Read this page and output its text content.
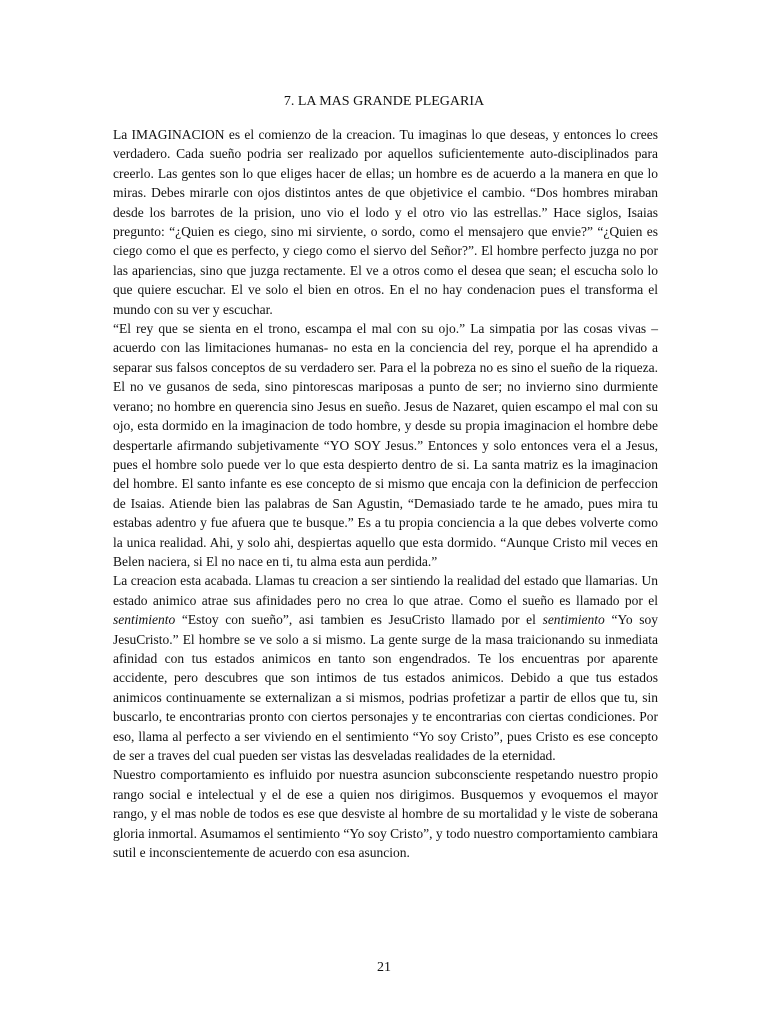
7. LA MAS GRANDE PLEGARIA

La IMAGINACION es el comienzo de la creacion. Tu imaginas lo que deseas, y entonces lo crees verdadero. Cada sueño podria ser realizado por aquellos suficientemente auto-disciplinados para creerlo. Las gentes son lo que eliges hacer de ellas; un hombre es de acuerdo a la manera en que lo miras. Debes mirarle con ojos distintos antes de que objetivice el cambio. “Dos hombres miraban desde los barrotes de la prision, uno vio el lodo y el otro vio las estrellas.” Hace siglos, Isaias pregunto: “¿Quien es ciego, sino mi sirviente, o sordo, como el mensajero que envie?” “¿Quien es ciego como el que es perfecto, y ciego como el siervo del Señor?”. El hombre perfecto juzga no por las apariencias, sino que juzga rectamente. El ve a otros como el desea que sean; el escucha solo lo que quiere escuchar. El ve solo el bien en otros. En el no hay condenacion pues el transforma el mundo con su ver y escuchar.

“El rey que se sienta en el trono, escampa el mal con su ojo.” La simpatia por las cosas vivas –acuerdo con las limitaciones humanas- no esta en la conciencia del rey, porque el ha aprendido a separar sus falsos conceptos de su verdadero ser. Para el la pobreza no es sino el sueño de la riqueza. El no ve gusanos de seda, sino pintorescas mariposas a punto de ser; no invierno sino durmiente verano; no hombre en querencia sino Jesus en sueño. Jesus de Nazaret, quien escampo el mal con su ojo, esta dormido en la imaginacion de todo hombre, y desde su propia imaginacion el hombre debe despertarle afirmando subjetivamente “YO SOY Jesus.” Entonces y solo entonces vera el a Jesus, pues el hombre solo puede ver lo que esta despierto dentro de si. La santa matriz es la imaginacion del hombre. El santo infante es ese concepto de si mismo que encaja con la definicion de perfeccion de Isaias. Atiende bien las palabras de San Agustin, “Demasiado tarde te he amado, pues mira tu estabas adentro y fue afuera que te busque.” Es a tu propia conciencia a la que debes volverte como la unica realidad. Ahi, y solo ahi, despiertas aquello que esta dormido. “Aunque Cristo mil veces en Belen naciera, si El no nace en ti, tu alma esta aun perdida.”

La creacion esta acabada. Llamas tu creacion a ser sintiendo la realidad del estado que llamarias. Un estado animico atrae sus afinidades pero no crea lo que atrae. Como el sueño es llamado por el sentimiento “Estoy con sueño”, asi tambien es JesuCristo llamado por el sentimiento “Yo soy JesuCristo.” El hombre se ve solo a si mismo. La gente surge de la masa traicionando su inmediata afinidad con tus estados animicos en tanto son engendrados. Te los encuentras por aparente accidente, pero descubres que son intimos de tus estados animicos. Debido a que tus estados animicos continuamente se externalizan a si mismos, podrias profetizar a partir de ellos que tu, sin buscarlo, te encontrarias pronto con ciertos personajes y te encontrarias con ciertas condiciones. Por eso, llama al perfecto a ser viviendo en el sentimiento “Yo soy Cristo”, pues Cristo es ese concepto de ser a traves del cual pueden ser vistas las desveladas realidades de la eternidad.

Nuestro comportamiento es influido por nuestra asuncion subconsciente respetando nuestro propio rango social e intelectual y el de ese a quien nos dirigimos. Busquemos y evoquemos el mayor rango, y el mas noble de todos es ese que desviste al hombre de su mortalidad y le viste de soberana gloria inmortal. Asumamos el sentimiento “Yo soy Cristo”, y todo nuestro comportamiento cambiara sutil e inconscientemente de acuerdo con esa asuncion.

21
